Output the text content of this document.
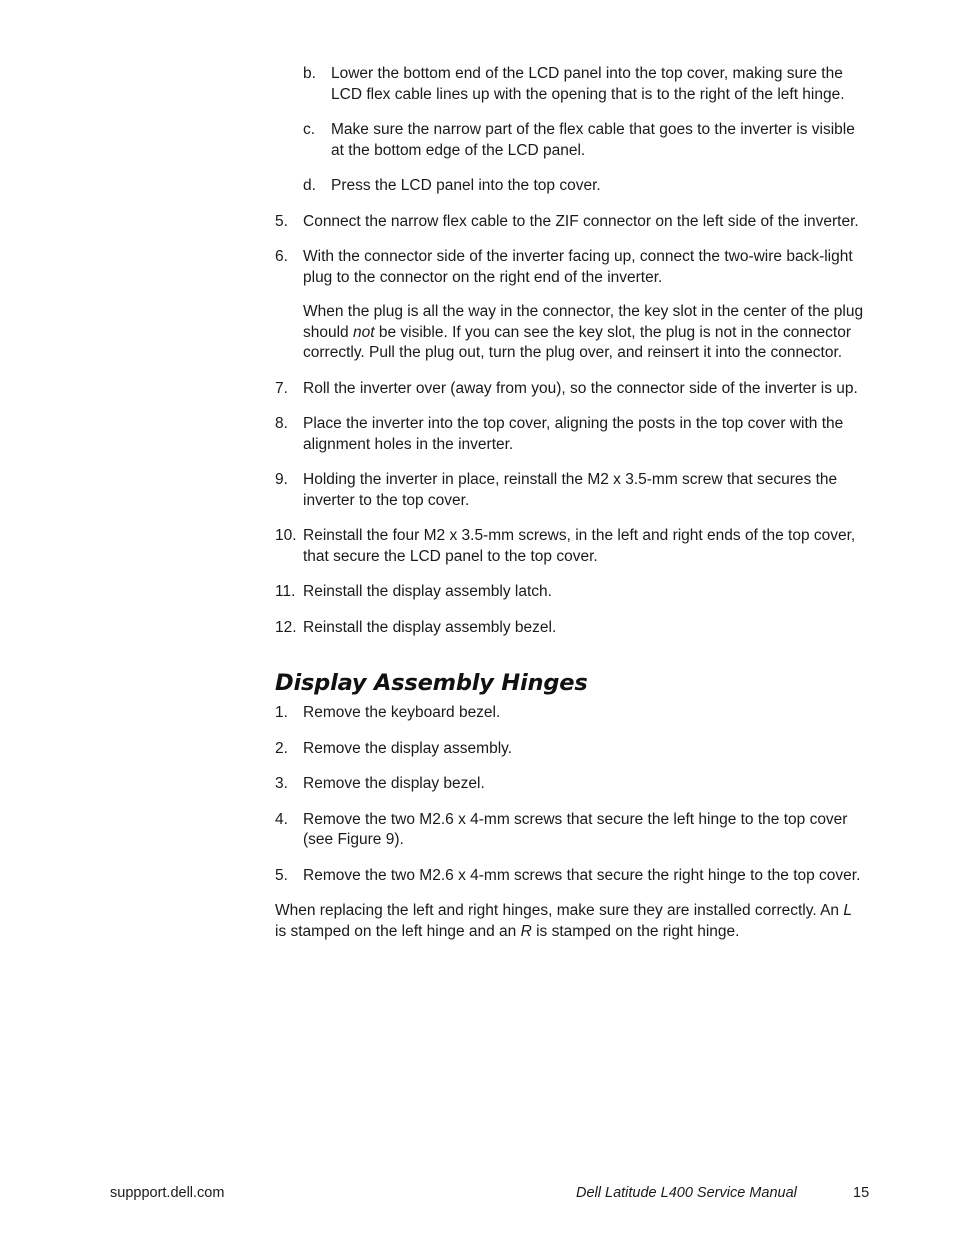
b. Lower the bottom end of the LCD panel into the top cover, making sure the LCD flex cable lines up with the opening that is to the right of the left hinge.
c. Make sure the narrow part of the flex cable that goes to the inverter is visible at the bottom edge of the LCD panel.
d. Press the LCD panel into the top cover.
5. Connect the narrow flex cable to the ZIF connector on the left side of the inverter.
6. With the connector side of the inverter facing up, connect the two-wire back-light plug to the connector on the right end of the inverter.
When the plug is all the way in the connector, the key slot in the center of the plug should not be visible. If you can see the key slot, the plug is not in the connector correctly. Pull the plug out, turn the plug over, and reinsert it into the connector.
7. Roll the inverter over (away from you), so the connector side of the inverter is up.
8. Place the inverter into the top cover, aligning the posts in the top cover with the alignment holes in the inverter.
9. Holding the inverter in place, reinstall the M2 x 3.5-mm screw that secures the inverter to the top cover.
10. Reinstall the four M2 x 3.5-mm screws, in the left and right ends of the top cover, that secure the LCD panel to the top cover.
11. Reinstall the display assembly latch.
12. Reinstall the display assembly bezel.
Display Assembly Hinges
1. Remove the keyboard bezel.
2. Remove the display assembly.
3. Remove the display bezel.
4. Remove the two M2.6 x 4-mm screws that secure the left hinge to the top cover (see Figure 9).
5. Remove the two M2.6 x 4-mm screws that secure the right hinge to the top cover.
When replacing the left and right hinges, make sure they are installed correctly. An L is stamped on the left hinge and an R is stamped on the right hinge.
suppport.dell.com	Dell Latitude L400 Service Manual	15
